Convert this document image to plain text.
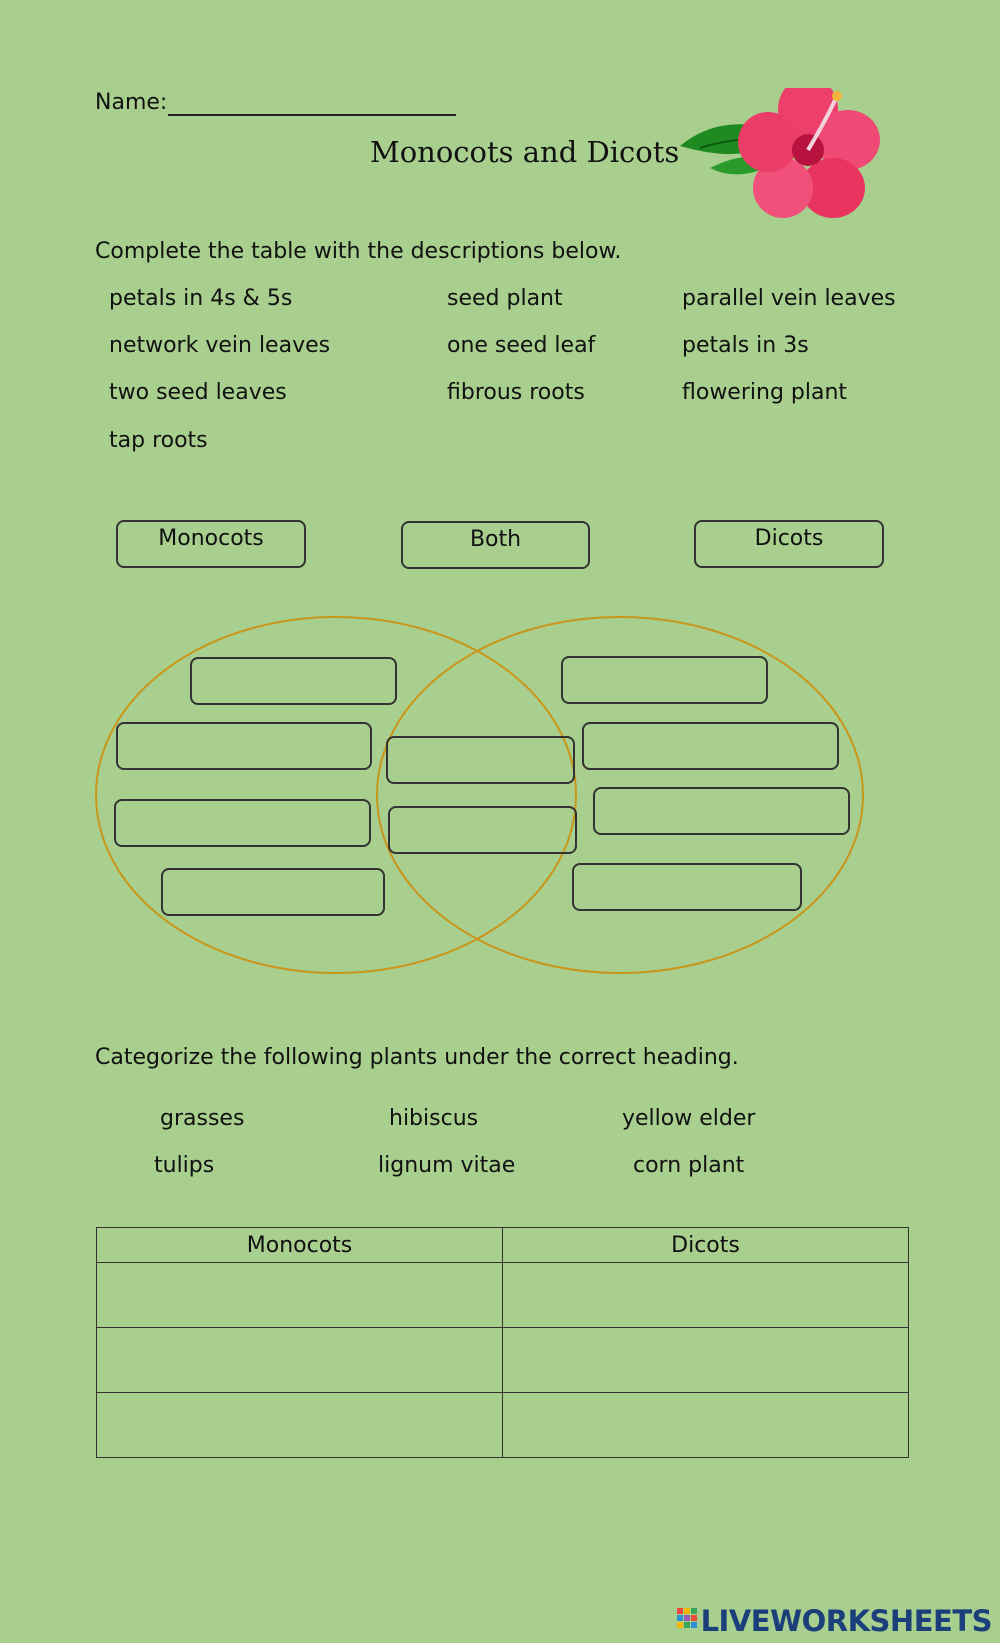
Name:
Monocots and Dicots
Complete the table with the descriptions below.
petals in 4s & 5s	seed plant	parallel vein leaves
network vein leaves	one seed leaf	petals in 3s
two seed leaves	fibrous roots	flowering plant
tap roots
Monocots	Both	Dicots
Categorize the following plants under the correct heading.
grasses	hibiscus	yellow elder
tulips	lignum vitae	corn plant
Monocots	Dicots

LIVEWORKSHEETS
